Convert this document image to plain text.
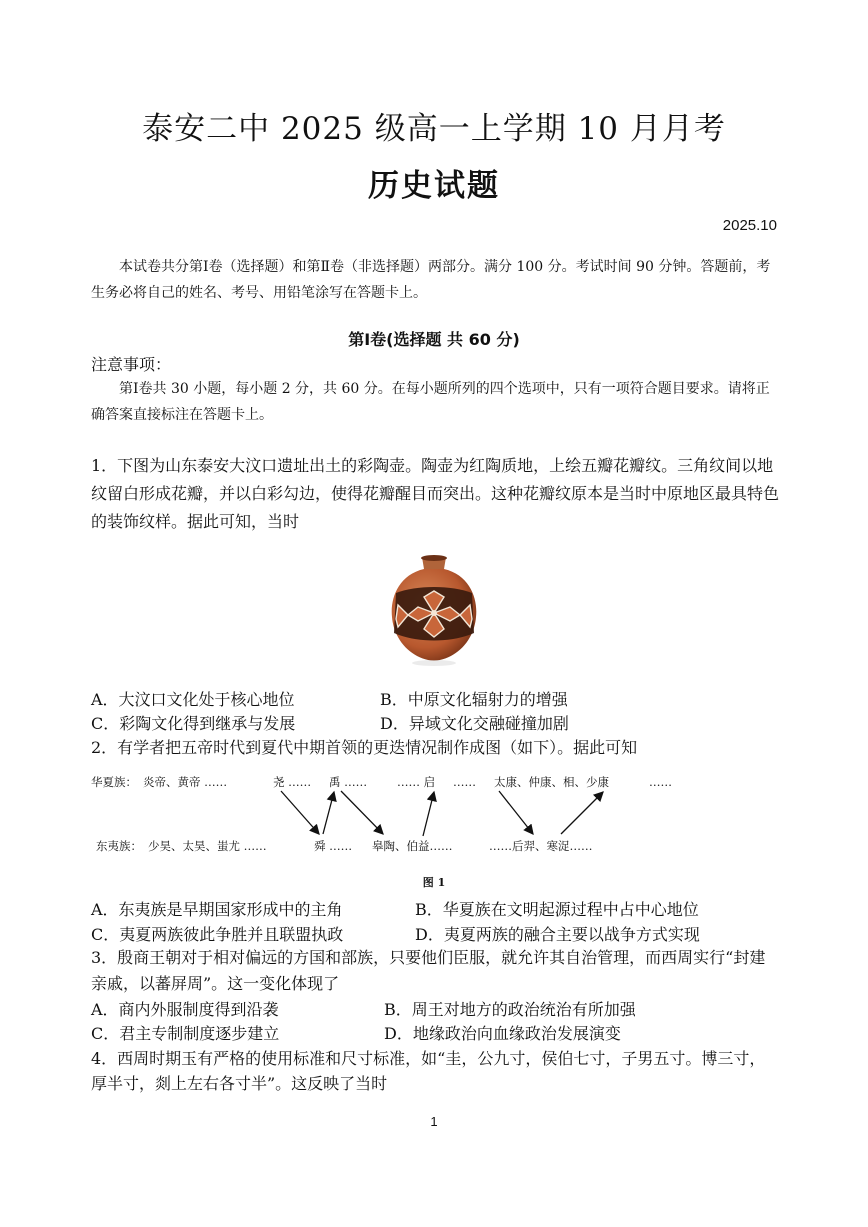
泰安二中 2025 级高一上学期 10 月月考
历史试题
2025.10
本试卷共分第Ⅰ卷（选择题）和第Ⅱ卷（非选择题）两部分。满分 100 分。考试时间 90 分钟。答题前，考生务必将自己的姓名、考号、用铅笔涂写在答题卡上。
第Ⅰ卷(选择题 共 60 分)
注意事项：
第Ⅰ卷共 30 小题，每小题 2 分，共 60 分。在每小题所列的四个选项中，只有一项符合题目要求。请将正确答案直接标注在答题卡上。
1．下图为山东泰安大汶口遗址出土的彩陶壶。陶壶为红陶质地，上绘五瓣花瓣纹。三角纹间以地纹留白形成花瓣，并以白彩勾边，使得花瓣醒目而突出。这种花瓣纹原本是当时中原地区最具特色的装饰纹样。据此可知，当时
A．大汶口文化处于核心地位	B．中原文化辐射力的增强
C．彩陶文化得到继承与发展	D．异域文化交融碰撞加剧
2．有学者把五帝时代到夏代中期首领的更迭情况制作成图（如下）。据此可知
华夏族： 炎帝、黄帝 ……	尧 …… 禹 ……	…… 启 …… 太康、仲康、相、少康	……
东夷族： 少昊、太昊、蚩尤 ……	舜 …… 皋陶、伯益……	……后羿、寒浞……
图 1
A．东夷族是早期国家形成中的主角	B．华夏族在文明起源过程中占中心地位
C．夷夏两族彼此争胜并且联盟执政	D．夷夏两族的融合主要以战争方式实现
3．殷商王朝对于相对偏远的方国和部族，只要他们臣服，就允许其自治管理，而西周实行“封建亲戚，以蕃屏周”。这一变化体现了
A．商内外服制度得到沿袭	B．周王对地方的政治统治有所加强
C．君主专制制度逐步建立	D．地缘政治向血缘政治发展演变
4．西周时期玉有严格的使用标准和尺寸标准，如“圭，公九寸，侯伯七寸，子男五寸。博三寸，厚半寸，剡上左右各寸半”。这反映了当时
1
